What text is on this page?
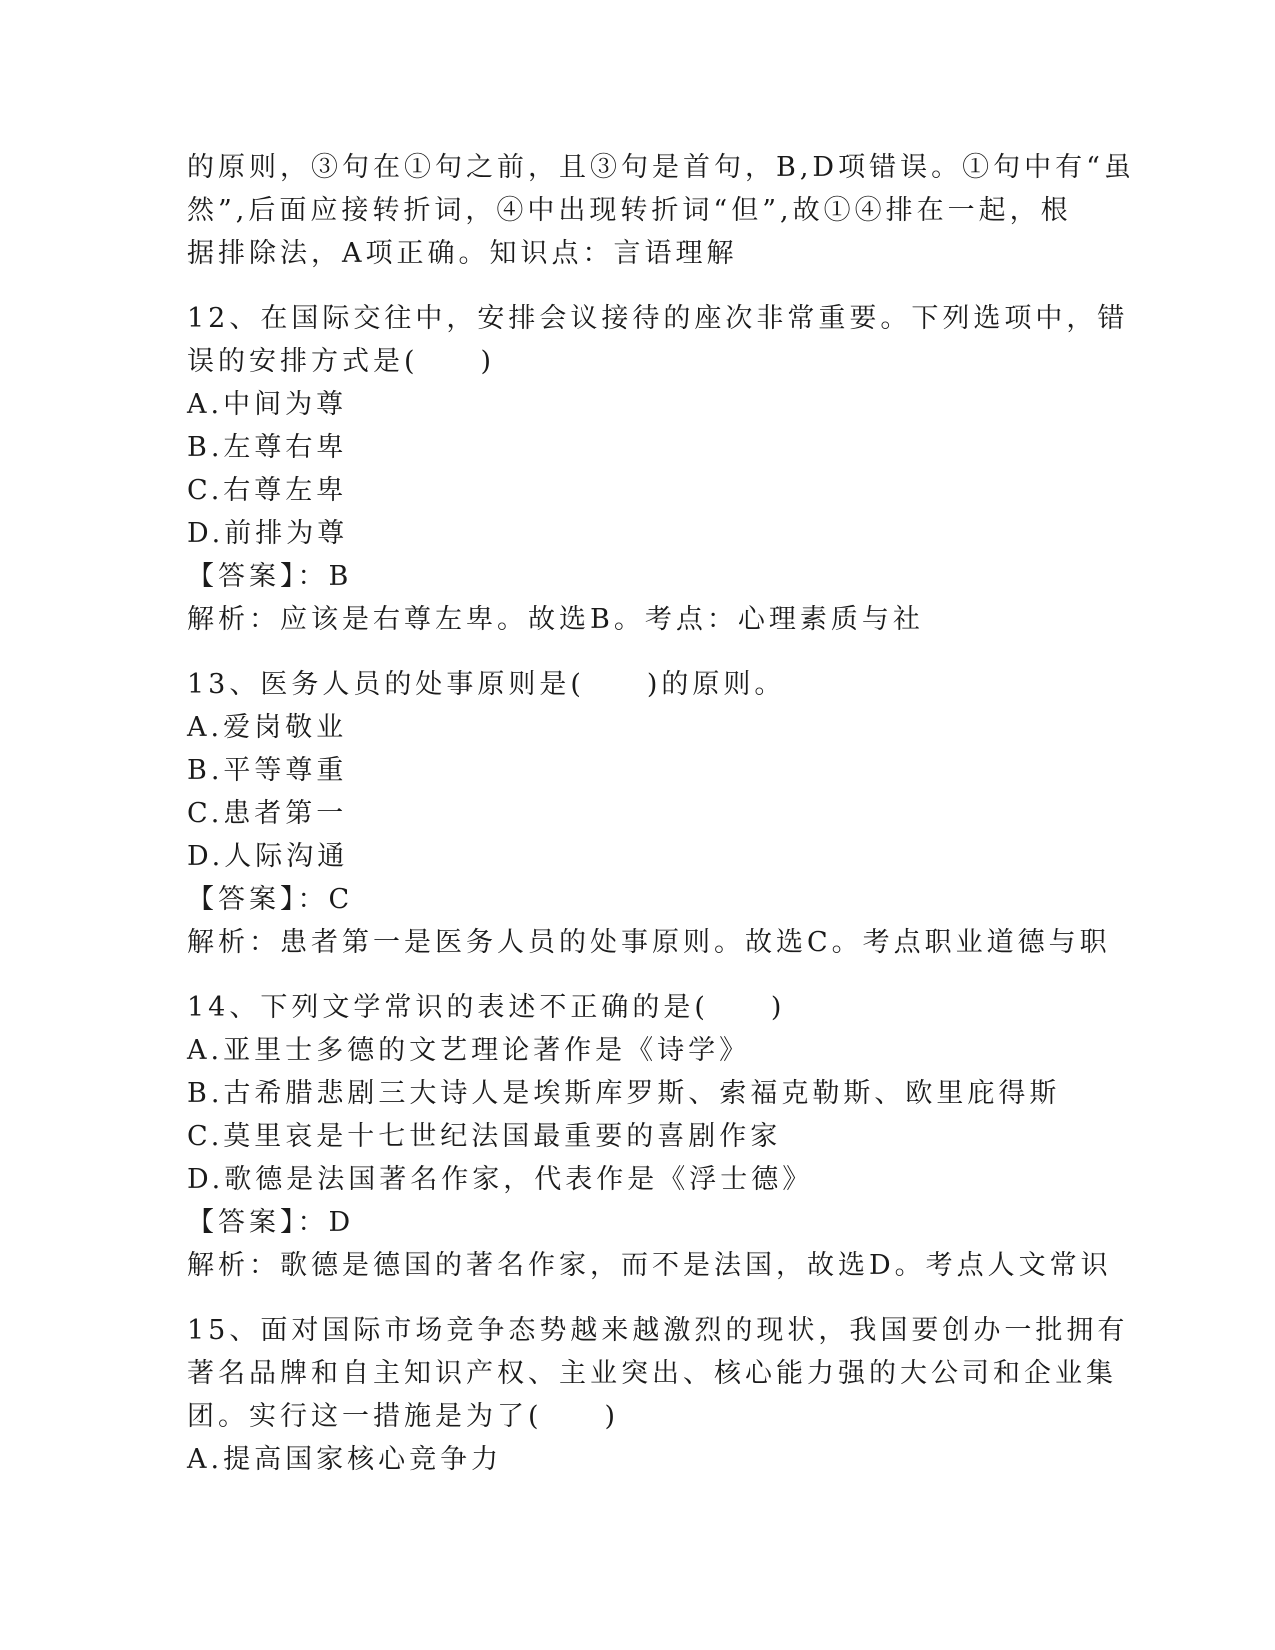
的原则，③句在①句之前，且③句是首句，B,D项错误。①句中有“虽
然”,后面应接转折词，④中出现转折词“但”,故①④排在一起，根
据排除法，A项正确。知识点：言语理解
12、在国际交往中，安排会议接待的座次非常重要。下列选项中，错
误的安排方式是(　　)
A.中间为尊
B.左尊右卑
C.右尊左卑
D.前排为尊
【答案】：B
解析：应该是右尊左卑。故选B。考点：心理素质与社
13、医务人员的处事原则是(　　)的原则。
A.爱岗敬业
B.平等尊重
C.患者第一
D.人际沟通
【答案】：C
解析：患者第一是医务人员的处事原则。故选C。考点职业道德与职
14、下列文学常识的表述不正确的是(　　)
A.亚里士多德的文艺理论著作是《诗学》
B.古希腊悲剧三大诗人是埃斯库罗斯、索福克勒斯、欧里庇得斯
C.莫里哀是十七世纪法国最重要的喜剧作家
D.歌德是法国著名作家，代表作是《浮士德》
【答案】：D
解析：歌德是德国的著名作家，而不是法国，故选D。考点人文常识
15、面对国际市场竞争态势越来越激烈的现状，我国要创办一批拥有
著名品牌和自主知识产权、主业突出、核心能力强的大公司和企业集
团。实行这一措施是为了(　　)
A.提高国家核心竞争力
